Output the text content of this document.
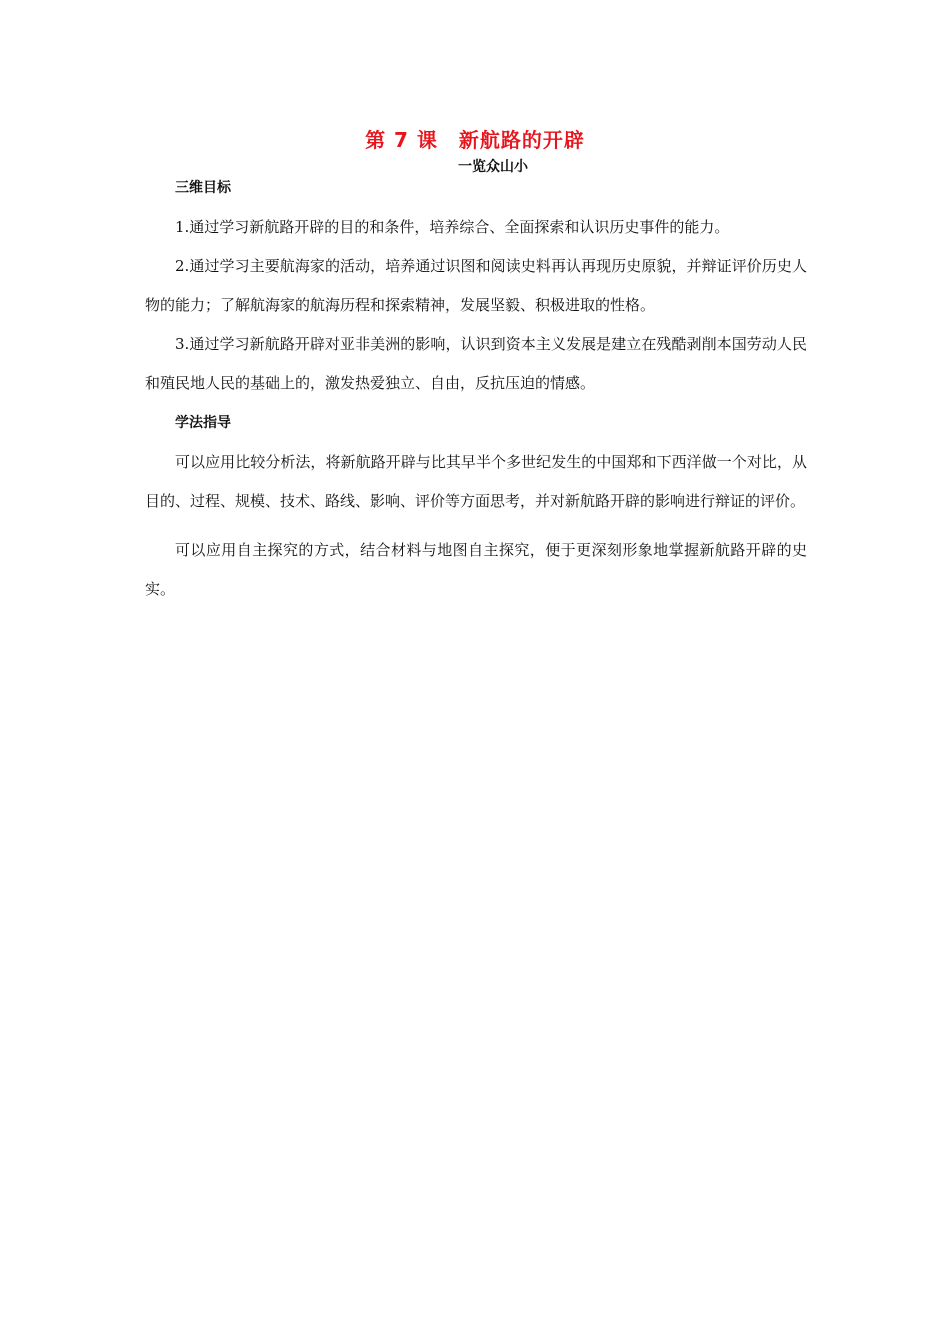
第 7 课　新航路的开辟
一览众山小
三维目标

1.通过学习新航路开辟的目的和条件，培养综合、全面探索和认识历史事件的能力。

2.通过学习主要航海家的活动，培养通过识图和阅读史料再认再现历史原貌，并辩证评价历史人物的能力；了解航海家的航海历程和探索精神，发展坚毅、积极进取的性格。

3.通过学习新航路开辟对亚非美洲的影响，认识到资本主义发展是建立在残酷剥削本国劳动人民和殖民地人民的基础上的，激发热爱独立、自由，反抗压迫的情感。

学法指导

可以应用比较分析法，将新航路开辟与比其早半个多世纪发生的中国郑和下西洋做一个对比，从目的、过程、规模、技术、路线、影响、评价等方面思考，并对新航路开辟的影响进行辩证的评价。

可以应用自主探究的方式，结合材料与地图自主探究，便于更深刻形象地掌握新航路开辟的史实。
